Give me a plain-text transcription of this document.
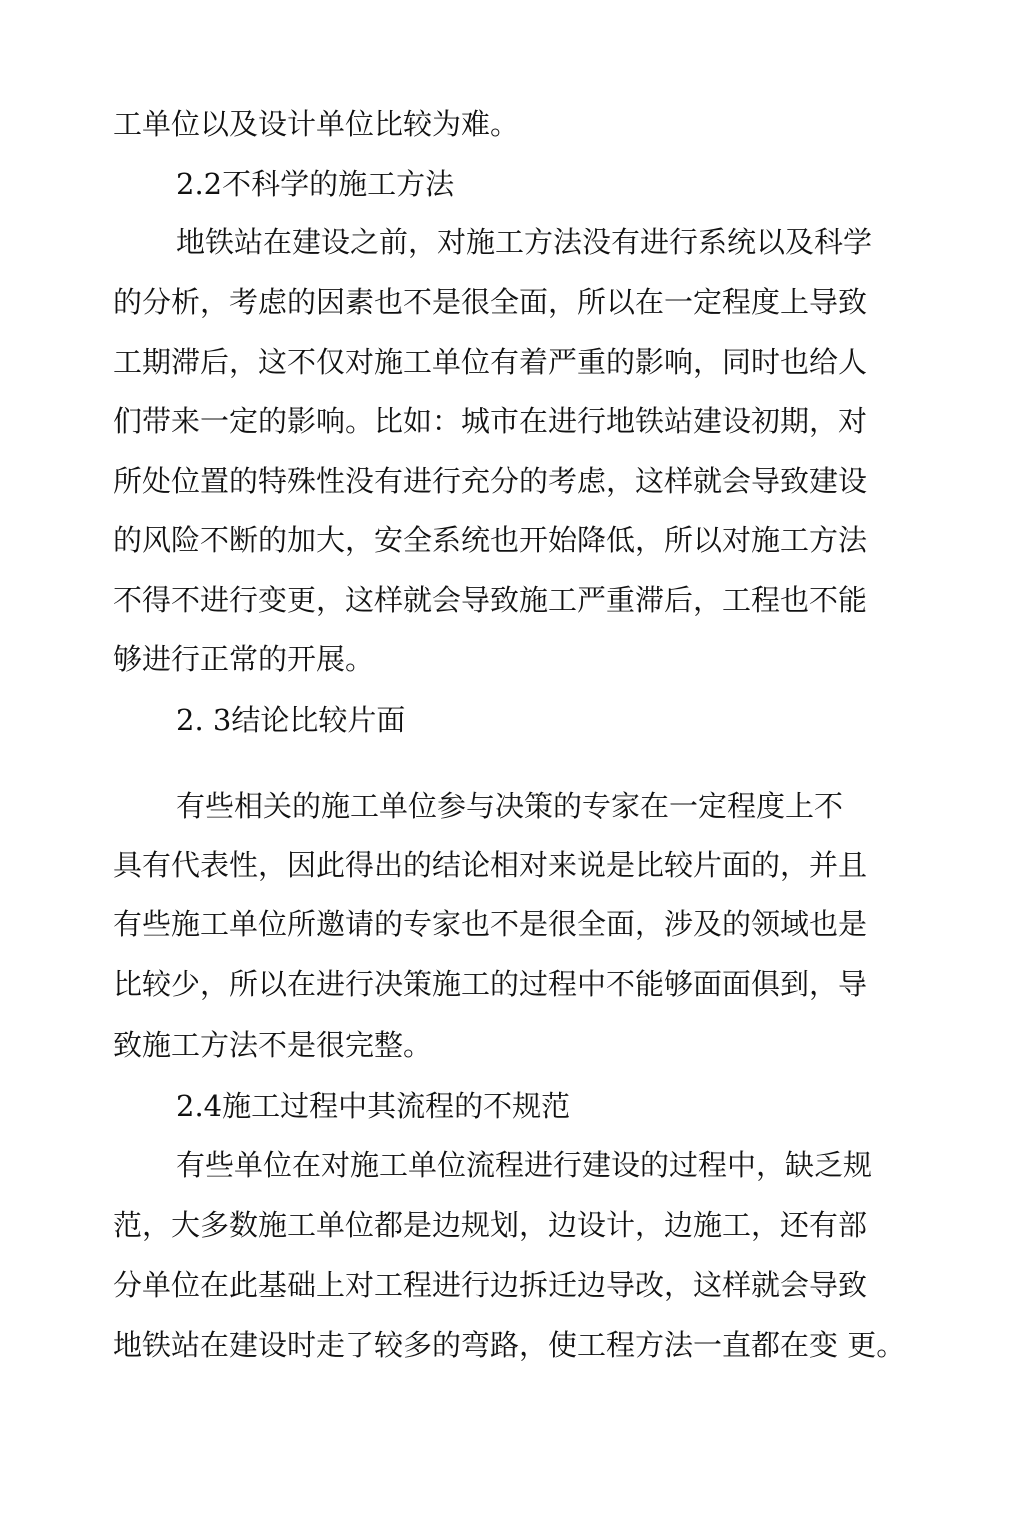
工单位以及设计单位比较为难。
2.2不科学的施工方法
地铁站在建设之前，对施工方法没有进行系统以及科学
的分析，考虑的因素也不是很全面，所以在一定程度上导致
工期滞后，这不仅对施工单位有着严重的影响，同时也给人
们带来一定的影响。比如：城市在进行地铁站建设初期，对
所处位置的特殊性没有进行充分的考虑，这样就会导致建设
的风险不断的加大，安全系统也开始降低，所以对施工方法
不得不进行变更，这样就会导致施工严重滞后，工程也不能
够进行正常的开展。
2. 3结论比较片面
有些相关的施工单位参与决策的专家在一定程度上不
具有代表性，因此得出的结论相对来说是比较片面的，并且
有些施工单位所邀请的专家也不是很全面，涉及的领域也是
比较少，所以在进行决策施工的过程中不能够面面俱到，导
致施工方法不是很完整。
2.4施工过程中其流程的不规范
有些单位在对施工单位流程进行建设的过程中，缺乏规
范，大多数施工单位都是边规划，边设计，边施工，还有部
分单位在此基础上对工程进行边拆迁边导改，这样就会导致
地铁站在建设时走了较多的弯路，使工程方法一直都在变 更。
